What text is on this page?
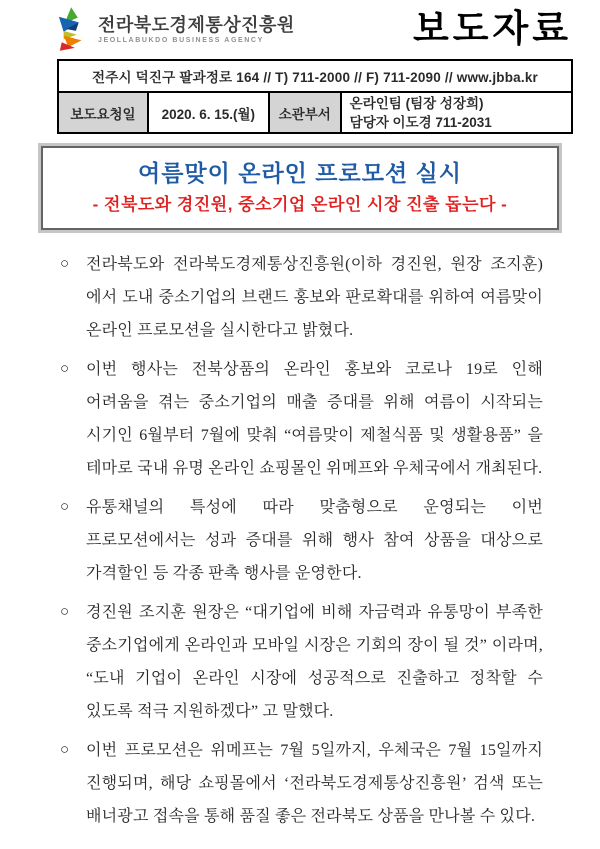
전라북도경제통상진흥원
JEOLLABUKDO BUSINESS AGENCY	보도자료
전주시 덕진구 팔과정로 164 // T) 711-2000 // F) 711-2090 // www.jbba.kr
보도요청일	2020. 6. 15.(월)	소관부서	
온라인팀 (팀장 성장희)
담당자 이도경 711-2031
여름맞이 온라인 프로모션 실시
- 전북도와 경진원, 중소기업 온라인 시장 진출 돕는다 -
○	전라북도와 전라북도경제통상진흥원(이하 경진원, 원장 조지훈)에서 도내 중소기업의 브랜드 홍보와 판로확대를 위하여 여름맞이 온라인 프로모션을 실시한다고 밝혔다.
○	이번 행사는 전북상품의 온라인 홍보와 코로나 19로 인해 어려움을 겪는 중소기업의 매출 증대를 위해 여름이 시작되는 시기인 6월부터 7월에 맞춰 “여름맞이 제철식품 및 생활용품” 을 테마로 국내 유명 온라인 쇼핑몰인 위메프와 우체국에서 개최된다.
○	유통채널의 특성에 따라 맞춤형으로 운영되는 이번 프로모션에서는 성과 증대를 위해 행사 참여 상품을 대상으로 가격할인 등 각종 판촉 행사를 운영한다.
○	경진원 조지훈 원장은 “대기업에 비해 자금력과 유통망이 부족한 중소기업에게 온라인과 모바일 시장은 기회의 장이 될 것” 이라며, “도내 기업이 온라인 시장에 성공적으로 진출하고 정착할 수 있도록 적극 지원하겠다” 고 말했다.
○	이번 프로모션은 위메프는 7월 5일까지, 우체국은 7월 15일까지 진행되며, 해당 쇼핑몰에서 ‘전라북도경제통상진흥원’ 검색 또는 배너광고 접속을 통해 품질 좋은 전라북도 상품을 만나볼 수 있다.
